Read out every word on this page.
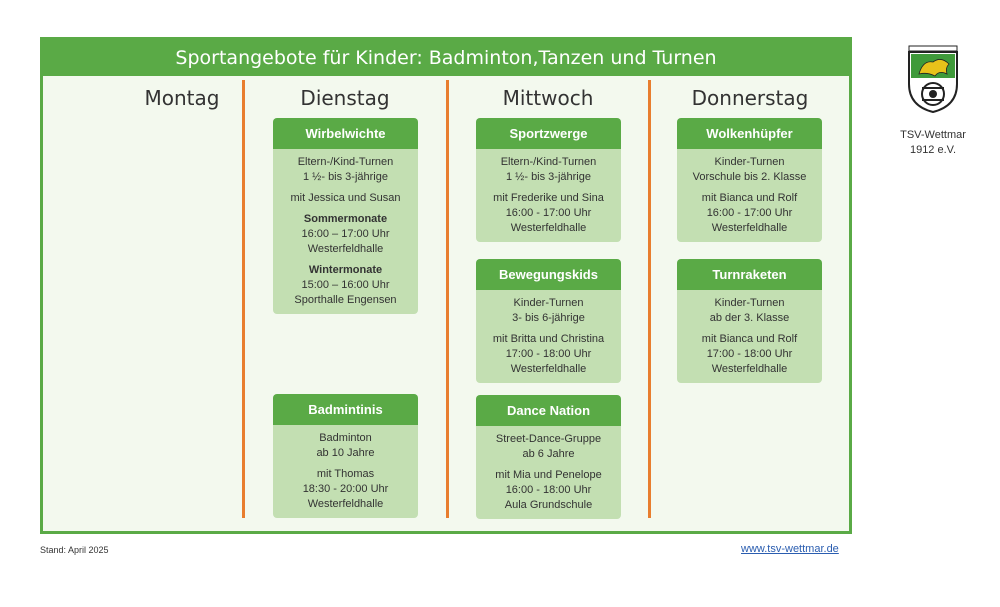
Sportangebote für Kinder: Badminton,Tanzen und Turnen
Montag	Dienstag	Mittwoch	Donnerstag
Wirbelwichte
Eltern-/Kind-Turnen
1 ½- bis 3-jährige
mit Jessica und Susan
Sommermonate
16:00 – 17:00 Uhr
Westerfeldhalle
Wintermonate
15:00 – 16:00 Uhr
Sporthalle Engensen
Badmintinis
Badminton
ab 10 Jahre
mit Thomas
18:30 - 20:00 Uhr
Westerfeldhalle
Sportzwerge
Eltern-/Kind-Turnen
1 ½- bis 3-jährige
mit Frederike und Sina
16:00 - 17:00 Uhr
Westerfeldhalle
Bewegungskids
Kinder-Turnen
3- bis 6-jährige
mit Britta und Christina
17:00 - 18:00 Uhr
Westerfeldhalle
Dance Nation
Street-Dance-Gruppe
ab 6 Jahre
mit Mia und Penelope
16:00 - 18:00 Uhr
Aula Grundschule
Wolkenhüpfer
Kinder-Turnen
Vorschule bis 2. Klasse
mit Bianca und Rolf
16:00 - 17:00 Uhr
Westerfeldhalle
Turnraketen
Kinder-Turnen
ab der 3. Klasse
mit Bianca und Rolf
17:00 - 18:00 Uhr
Westerfeldhalle
Stand: April 2025	www.tsv-wettmar.de
TSV-Wettmar
1912 e.V.
